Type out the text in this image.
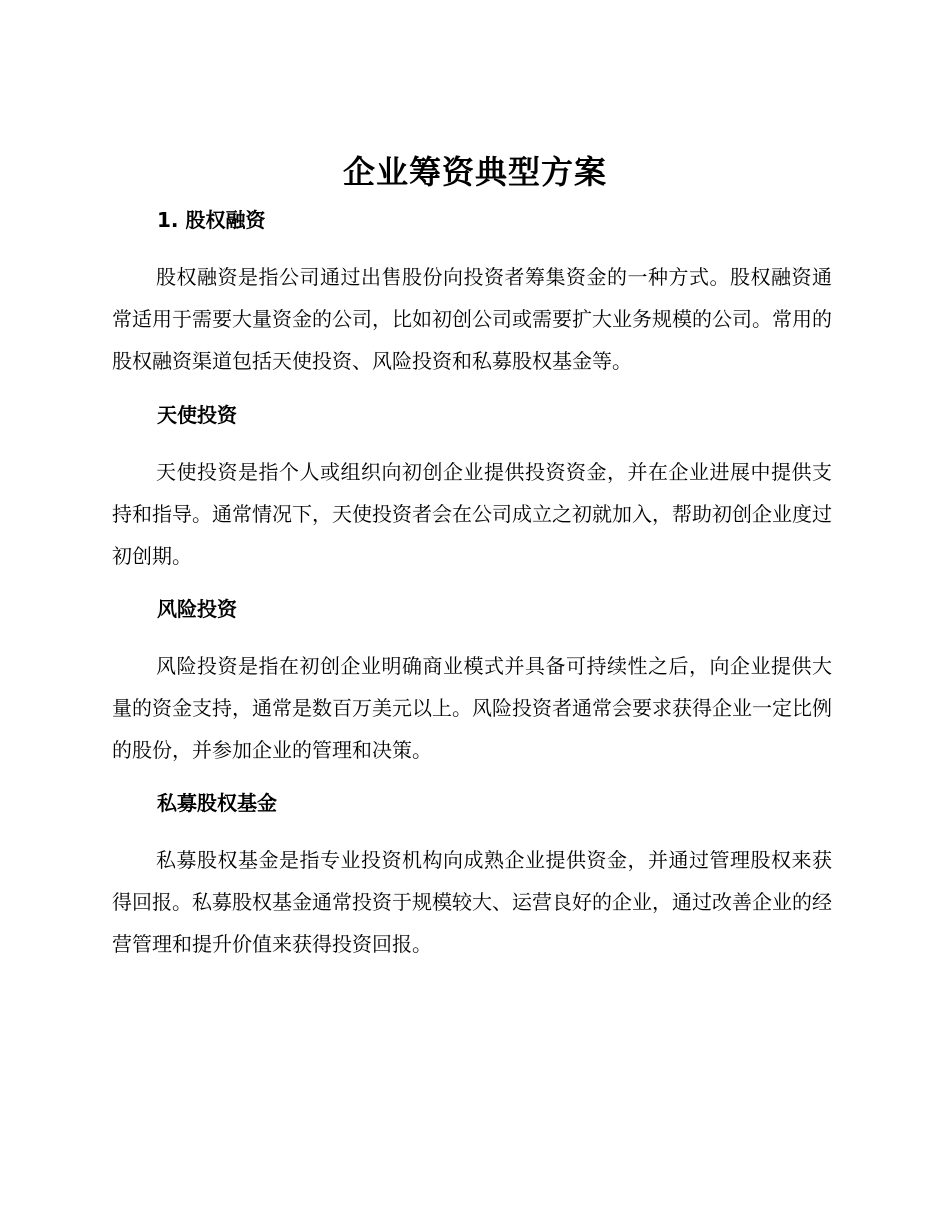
企业筹资典型方案
1. 股权融资

股权融资是指公司通过出售股份向投资者筹集资金的一种方式。股权融资通常适用于需要大量资金的公司，比如初创公司或需要扩大业务规模的公司。常用的股权融资渠道包括天使投资、风险投资和私募股权基金等。

天使投资

天使投资是指个人或组织向初创企业提供投资资金，并在企业进展中提供支持和指导。通常情况下，天使投资者会在公司成立之初就加入，帮助初创企业度过初创期。

风险投资

风险投资是指在初创企业明确商业模式并具备可持续性之后，向企业提供大量的资金支持，通常是数百万美元以上。风险投资者通常会要求获得企业一定比例的股份，并参加企业的管理和决策。

私募股权基金

私募股权基金是指专业投资机构向成熟企业提供资金，并通过管理股权来获得回报。私募股权基金通常投资于规模较大、运营良好的企业，通过改善企业的经营管理和提升价值来获得投资回报。
